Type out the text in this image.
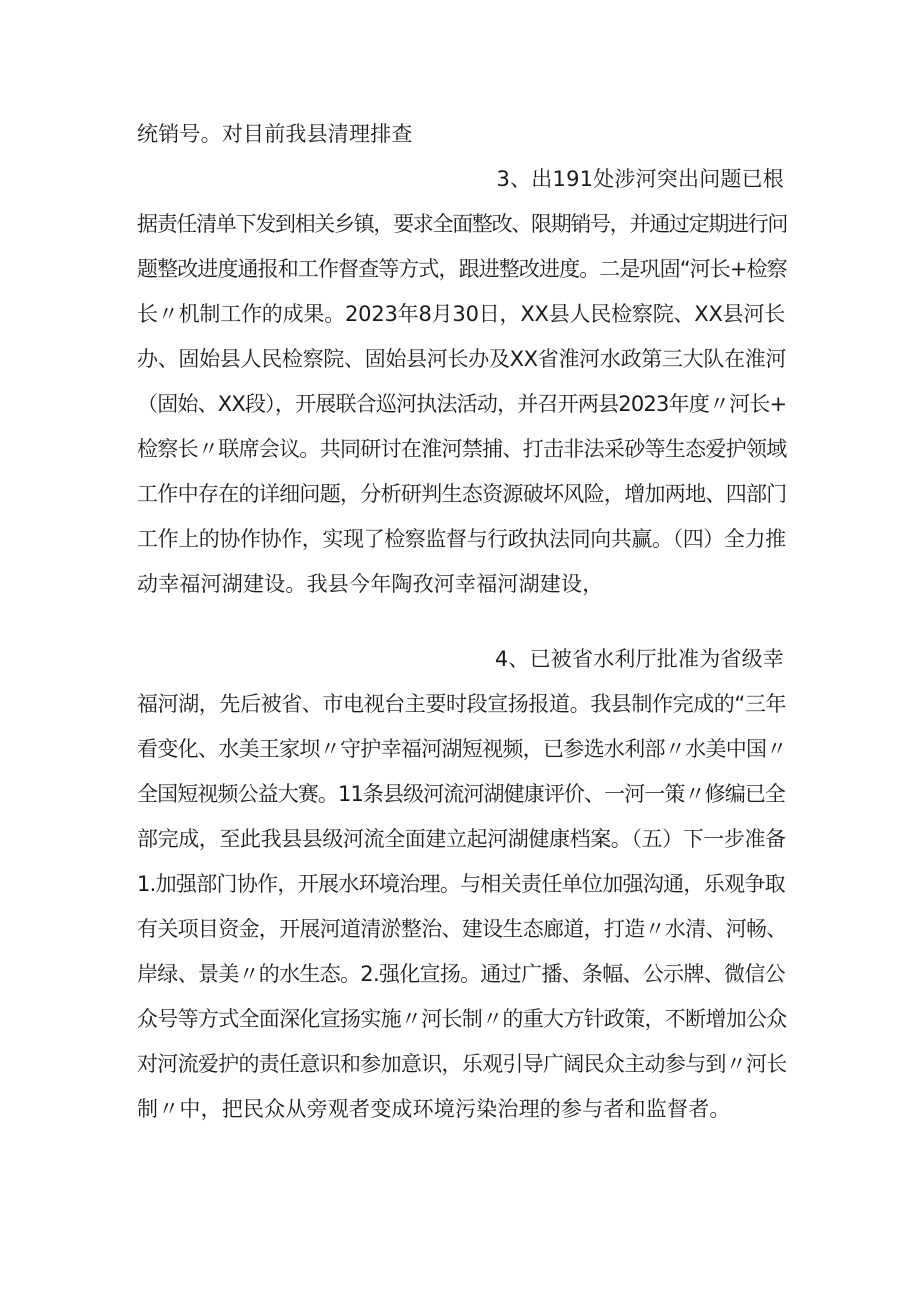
统销号。对目前我县清理排查
3、出191处涉河突出问题已根
据责任清单下发到相关乡镇，要求全面整改、限期销号，并通过定期进行问
题整改进度通报和工作督查等方式，跟进整改进度。二是巩固“河长+检察
长〃机制工作的成果。2023年8月30日，XX县人民检察院、XX县河长
办、固始县人民检察院、固始县河长办及XX省淮河水政第三大队在淮河
（固始、XX段），开展联合巡河执法活动，并召开两县2023年度〃河长+
检察长〃联席会议。共同研讨在淮河禁捕、打击非法采砂等生态爱护领域
工作中存在的详细问题，分析研判生态资源破坏风险，增加两地、四部门
工作上的协作协作，实现了检察监督与行政执法同向共赢。（四）全力推
动幸福河湖建设。我县今年陶孜河幸福河湖建设，
4、已被省水利厅批准为省级幸
福河湖，先后被省、市电视台主要时段宣扬报道。我县制作完成的“三年
看变化、水美王家坝〃守护幸福河湖短视频，已参选水利部〃水美中国〃
全国短视频公益大赛。11条县级河流河湖健康评价、一河一策〃修编已全
部完成，至此我县县级河流全面建立起河湖健康档案。（五）下一步准备
1.加强部门协作，开展水环境治理。与相关责任单位加强沟通，乐观争取
有关项目资金，开展河道清淤整治、建设生态廊道，打造〃水清、河畅、
岸绿、景美〃的水生态。2.强化宣扬。通过广播、条幅、公示牌、微信公
众号等方式全面深化宣扬实施〃河长制〃的重大方针政策，不断增加公众
对河流爱护的责任意识和参加意识，乐观引导广阔民众主动参与到〃河长
制〃中，把民众从旁观者变成环境污染治理的参与者和监督者。
